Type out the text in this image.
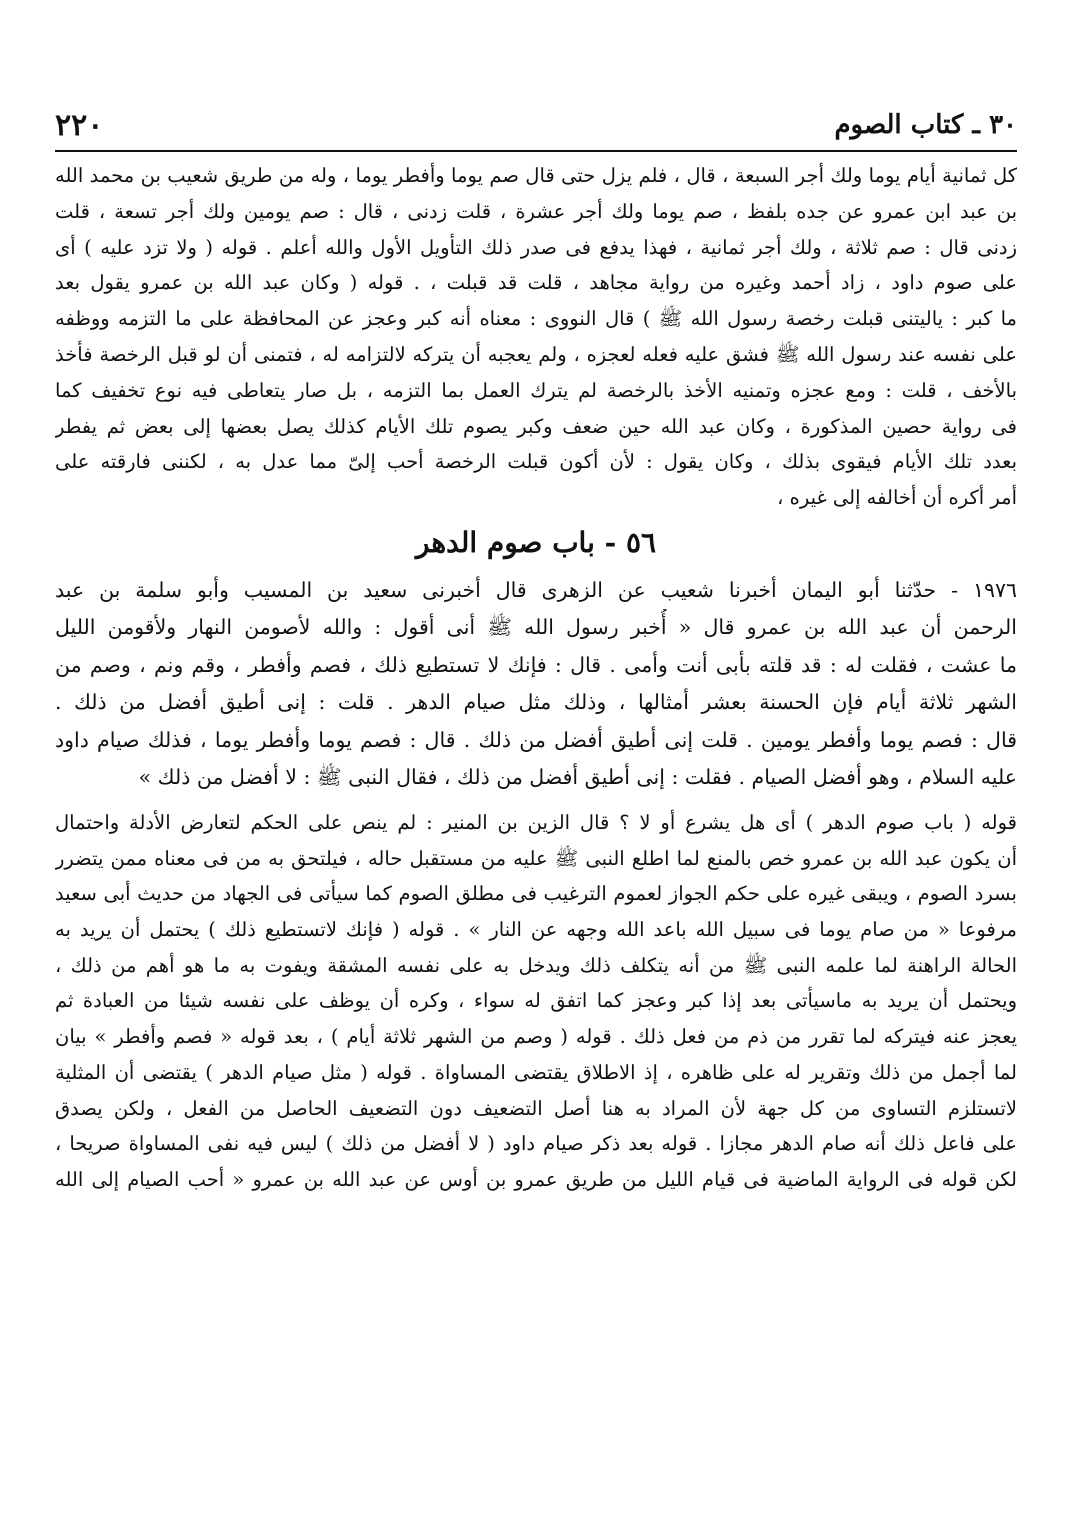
٢٢٠	٣٠ ـ كتاب الصوم
كل ثمانية أيام يوما ولك أجر السبعة ، قال ، فلم يزل حتى قال صم يوما وأفطر يوما ، وله من طريق شعيب بن محمد الله
بن عبد ابن عمرو عن جده بلفظ ، صم يوما ولك أجر عشرة ، قلت زدنى ، قال : صم يومين ولك أجر تسعة ، قلت
زدنى قال : صم ثلاثة ، ولك أجر ثمانية ، فهذا يدفع فى صدر ذلك التأويل الأول والله أعلم . قوله ( ولا تزد عليه ) أى
على صوم داود ، زاد أحمد وغيره من رواية مجاهد ، قلت قد قبلت ، . قوله ( وكان عبد الله بن عمرو يقول بعد
ما كبر : ياليتنى قبلت رخصة رسول الله ﷺ ) قال النووى : معناه أنه كبر وعجز عن المحافظة على ما التزمه ووظفه
على نفسه عند رسول الله ﷺ فشق عليه فعله لعجزه ، ولم يعجبه أن يتركه لالتزامه له ، فتمنى أن لو قبل الرخصة فأخذ
بالأخف ، قلت : ومع عجزه وتمنيه الأخذ بالرخصة لم يترك العمل بما التزمه ، بل صار يتعاطى فيه نوع تخفيف كما
فى رواية حصين المذكورة ، وكان عبد الله حين ضعف وكبر يصوم تلك الأيام كذلك يصل بعضها إلى بعض ثم يفطر
بعدد تلك الأيام فيقوى بذلك ، وكان يقول : لأن أكون قبلت الرخصة أحب إلىّ مما عدل به ، لكننى فارقته على
أمر أكره أن أخالفه إلى غيره ،
٥٦ - باب صوم الدهر
١٩٧٦ - حدّثنا أبو اليمان أخبرنا شعيب عن الزهرى قال أخبرنى سعيد بن المسيب وأبو سلمة بن عبد
الرحمن أن عبد الله بن عمرو قال « أُخبر رسول الله ﷺ أنى أقول : والله لأصومن النهار ولأقومن الليل
ما عشت ، فقلت له : قد قلته بأبى أنت وأمى . قال : فإنك لا تستطيع ذلك ، فصم وأفطر ، وقم ونم ، وصم من
الشهر ثلاثة أيام فإن الحسنة بعشر أمثالها ، وذلك مثل صيام الدهر . قلت : إنى أطيق أفضل من ذلك .
قال : فصم يوما وأفطر يومين . قلت إنى أطيق أفضل من ذلك . قال : فصم يوما وأفطر يوما ، فذلك صيام داود
عليه السلام ، وهو أفضل الصيام . فقلت : إنى أطيق أفضل من ذلك ، فقال النبى ﷺ : لا أفضل من ذلك »
قوله ( باب صوم الدهر ) أى هل يشرع أو لا ؟ قال الزين بن المنير : لم ينص على الحكم لتعارض الأدلة واحتمال
أن يكون عبد الله بن عمرو خص بالمنع لما اطلع النبى ﷺ عليه من مستقبل حاله ، فيلتحق به من فى معناه ممن يتضرر
بسرد الصوم ، ويبقى غيره على حكم الجواز لعموم الترغيب فى مطلق الصوم كما سيأتى فى الجهاد من حديث أبى سعيد
مرفوعا « من صام يوما فى سبيل الله باعد الله وجهه عن النار » . قوله ( فإنك لاتستطيع ذلك ) يحتمل أن يريد به
الحالة الراهنة لما علمه النبى ﷺ من أنه يتكلف ذلك ويدخل به على نفسه المشقة ويفوت به ما هو أهم من ذلك ،
ويحتمل أن يريد به ماسيأتى بعد إذا كبر وعجز كما اتفق له سواء ، وكره أن يوظف على نفسه شيئا من العبادة ثم
يعجز عنه فيتركه لما تقرر من ذم من فعل ذلك . قوله ( وصم من الشهر ثلاثة أيام ) ، بعد قوله « فصم وأفطر » بيان
لما أجمل من ذلك وتقرير له على ظاهره ، إذ الاطلاق يقتضى المساواة . قوله ( مثل صيام الدهر ) يقتضى أن المثلية
لاتستلزم التساوى من كل جهة لأن المراد به هنا أصل التضعيف دون التضعيف الحاصل من الفعل ، ولكن يصدق
على فاعل ذلك أنه صام الدهر مجازا . قوله بعد ذكر صيام داود ( لا أفضل من ذلك ) ليس فيه نفى المساواة صريحا ،
لكن قوله فى الرواية الماضية فى قيام الليل من طريق عمرو بن أوس عن عبد الله بن عمرو « أحب الصيام إلى الله
